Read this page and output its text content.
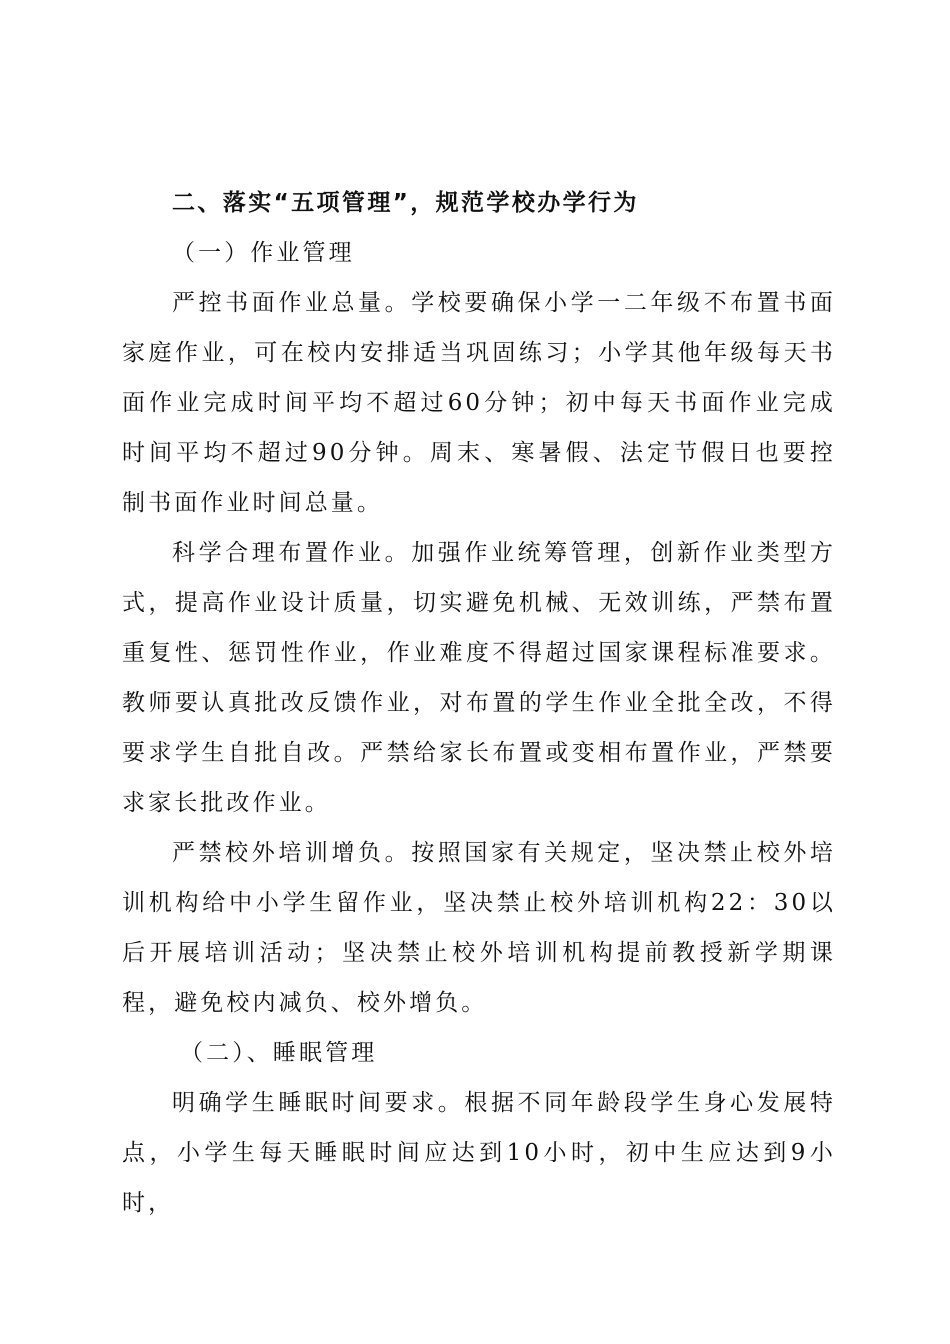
二、落实“五项管理”，规范学校办学行为
（一）作业管理

严控书面作业总量。学校要确保小学一二年级不布置书面家庭作业，可在校内安排适当巩固练习；小学其他年级每天书面作业完成时间平均不超过60分钟；初中每天书面作业完成时间平均不超过90分钟。周末、寒暑假、法定节假日也要控制书面作业时间总量。

科学合理布置作业。加强作业统筹管理，创新作业类型方式，提高作业设计质量，切实避免机械、无效训练，严禁布置重复性、惩罚性作业，作业难度不得超过国家课程标准要求。教师要认真批改反馈作业，对布置的学生作业全批全改，不得要求学生自批自改。严禁给家长布置或变相布置作业，严禁要求家长批改作业。

严禁校外培训增负。按照国家有关规定，坚决禁止校外培训机构给中小学生留作业，坚决禁止校外培训机构22：30以后开展培训活动；坚决禁止校外培训机构提前教授新学期课程，避免校内减负、校外增负。

（二）、睡眠管理

明确学生睡眠时间要求。根据不同年龄段学生身心发展特点，小学生每天睡眠时间应达到10小时，初中生应达到9小时，
